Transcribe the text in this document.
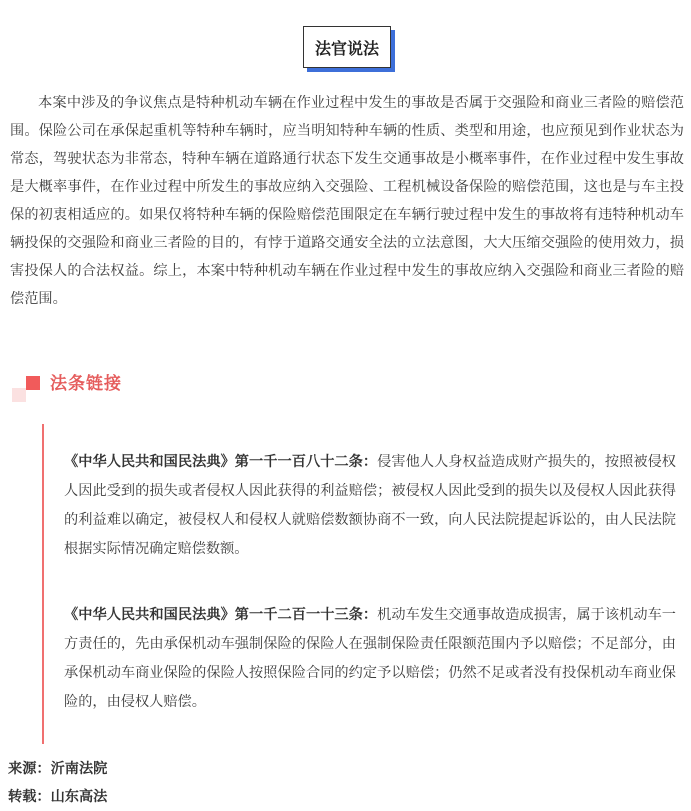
法官说法

本案中涉及的争议焦点是特种机动车辆在作业过程中发生的事故是否属于交强险和商业三者险的赔偿范围。保险公司在承保起重机等特种车辆时，应当明知特种车辆的性质、类型和用途，也应预见到作业状态为常态，驾驶状态为非常态，特种车辆在道路通行状态下发生交通事故是小概率事件，在作业过程中发生事故是大概率事件，在作业过程中所发生的事故应纳入交强险、工程机械设备保险的赔偿范围，这也是与车主投保的初衷相适应的。如果仅将特种车辆的保险赔偿范围限定在车辆行驶过程中发生的事故将有违特种机动车辆投保的交强险和商业三者险的目的，有悖于道路交通安全法的立法意图，大大压缩交强险的使用效力，损害投保人的合法权益。综上，本案中特种机动车辆在作业过程中发生的事故应纳入交强险和商业三者险的赔偿范围。

法条链接

《中华人民共和国民法典》第一千一百八十二条：侵害他人人身权益造成财产损失的，按照被侵权人因此受到的损失或者侵权人因此获得的利益赔偿；被侵权人因此受到的损失以及侵权人因此获得的利益难以确定，被侵权人和侵权人就赔偿数额协商不一致，向人民法院提起诉讼的，由人民法院根据实际情况确定赔偿数额。

《中华人民共和国民法典》第一千二百一十三条：机动车发生交通事故造成损害，属于该机动车一方责任的，先由承保机动车强制保险的保险人在强制保险责任限额范围内予以赔偿；不足部分，由承保机动车商业保险的保险人按照保险合同的约定予以赔偿；仍然不足或者没有投保机动车商业保险的，由侵权人赔偿。

来源：沂南法院
转载：山东高法
